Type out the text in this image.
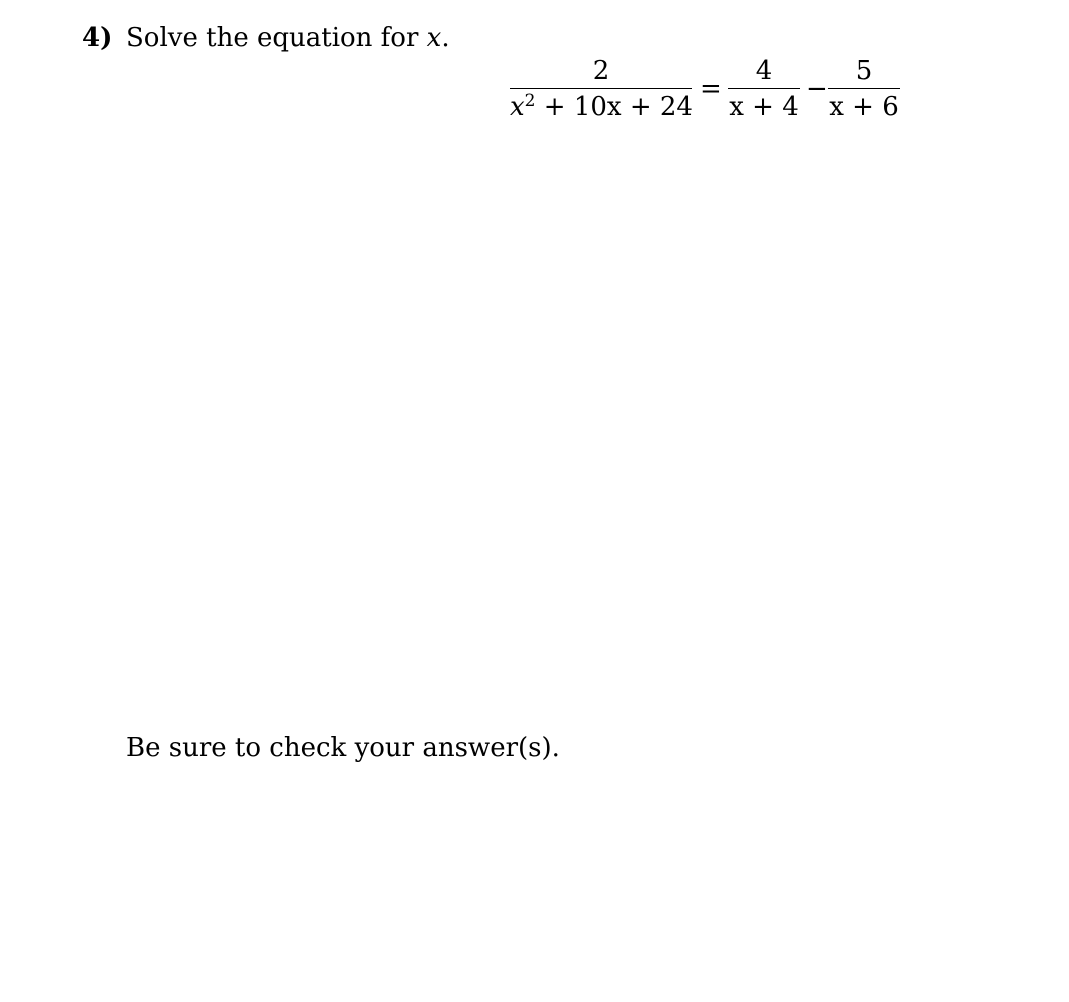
4) Solve the equation for x.
2
$x^2 + 10x + 24$
=
4
x + 4
−
5
x + 6
Be sure to check your answer(s).
